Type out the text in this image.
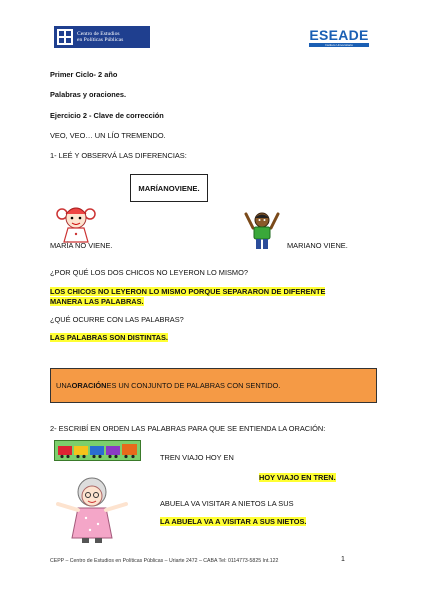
Centro de Estudios
en Políticas Públicas	ESEADE
Instituto Universitario
Primer Ciclo- 2 año
Palabras y oraciones.
Ejercicio 2 - Clave de corrección
VEO, VEO… UN LÍO TREMENDO.
1- LEÉ Y OBSERVÁ LAS DIFERENCIAS:
MARÍANOVIENE.
MARÍA NO VIENE.	MARIANO VIENE.
¿POR QUÉ LOS DOS CHICOS NO LEYERON LO MISMO?
LOS CHICOS NO LEYERON LO MISMO PORQUE SEPARARON DE DIFERENTE
MANERA LAS PALABRAS.
¿QUÉ OCURRE CON LAS PALABRAS?
LAS PALABRAS SON DISTINTAS.
UNA ORACIÓN ES UN CONJUNTO DE PALABRAS CON SENTIDO.
2- ESCRIBÍ EN ORDEN LAS PALABRAS PARA QUE SE ENTIENDA LA ORACIÓN:
TREN VIAJO HOY EN
HOY VIAJO EN TREN.
ABUELA VA VISITAR A NIETOS LA SUS
LA ABUELA VA A VISITAR A SUS NIETOS.
CEPP – Centro de Estudios en Políticas Públicas – Uriarte 2472 – CABA Tel: 0114773-5825 Int.122	1
